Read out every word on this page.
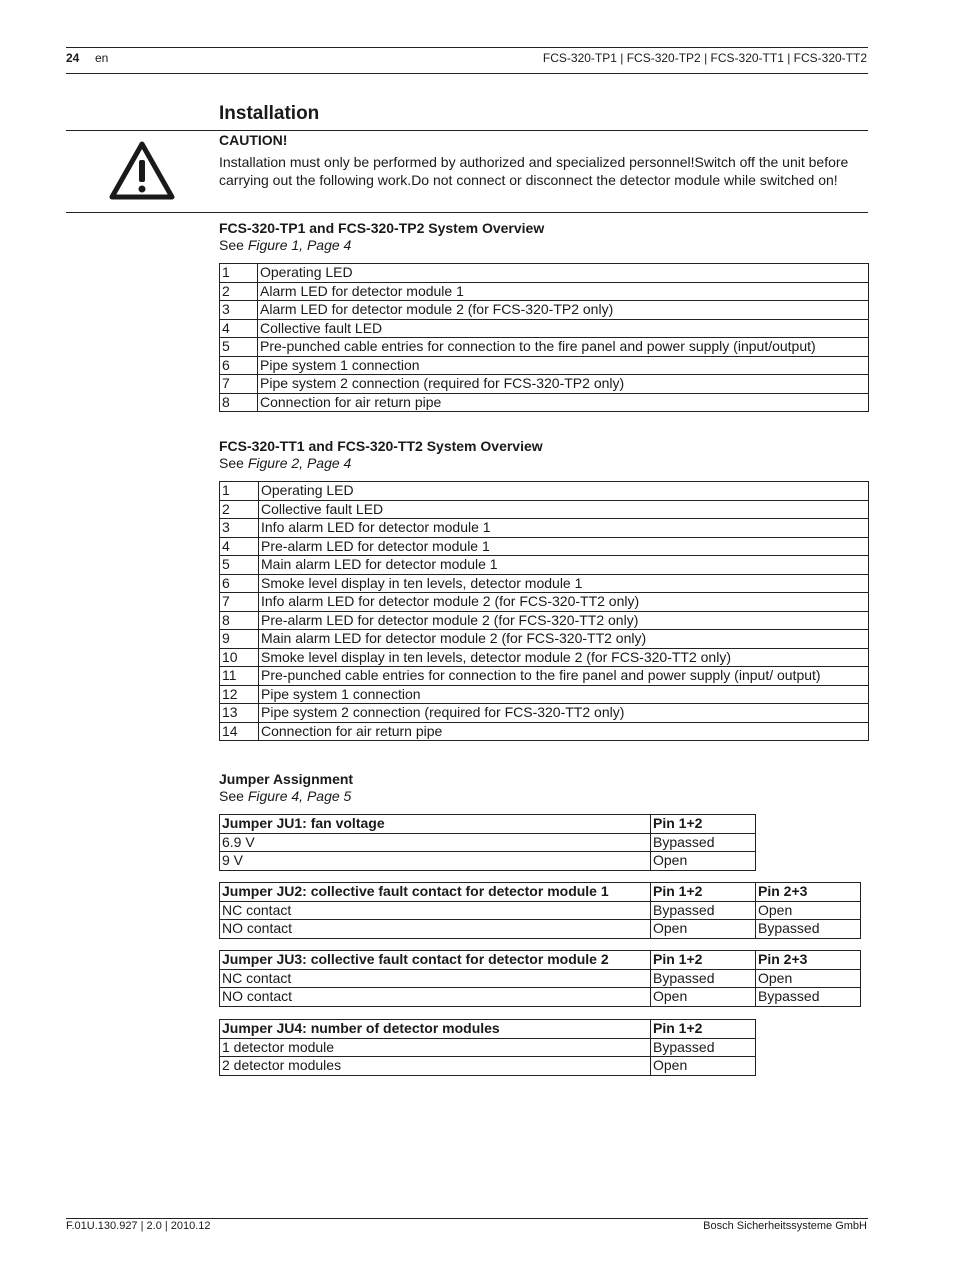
24 en	FCS-320-TP1 | FCS-320-TP2 | FCS-320-TT1 | FCS-320-TT2
Installation
CAUTION!
Installation must only be performed by authorized and specialized personnel!Switch off the unit before carrying out the following work.Do not connect or disconnect the detector module while switched on!
FCS-320-TP1 and FCS-320-TP2 System Overview
See Figure 1, Page 4
1	Operating LED
2	Alarm LED for detector module 1
3	Alarm LED for detector module 2 (for FCS-320-TP2 only)
4	Collective fault LED
5	Pre-punched cable entries for connection to the fire panel and power supply (input/output)
6	Pipe system 1 connection
7	Pipe system 2 connection (required for FCS-320-TP2 only)
8	Connection for air return pipe
FCS-320-TT1 and FCS-320-TT2 System Overview
See Figure 2, Page 4
1	Operating LED
2	Collective fault LED
3	Info alarm LED for detector module 1
4	Pre-alarm LED for detector module 1
5	Main alarm LED for detector module 1
6	Smoke level display in ten levels, detector module 1
7	Info alarm LED for detector module 2 (for FCS-320-TT2 only)
8	Pre-alarm LED for detector module 2 (for FCS-320-TT2 only)
9	Main alarm LED for detector module 2 (for FCS-320-TT2 only)
10	Smoke level display in ten levels, detector module 2 (for FCS-320-TT2 only)
11	Pre-punched cable entries for connection to the fire panel and power supply (input/ output)
12	Pipe system 1 connection
13	Pipe system 2 connection (required for FCS-320-TT2 only)
14	Connection for air return pipe
Jumper Assignment
See Figure 4, Page 5
Jumper JU1: fan voltage	Pin 1+2
6.9 V	Bypassed
9 V	Open
Jumper JU2: collective fault contact for detector module 1	Pin 1+2	Pin 2+3
NC contact	Bypassed	Open
NO contact	Open	Bypassed
Jumper JU3: collective fault contact for detector module 2	Pin 1+2	Pin 2+3
NC contact	Bypassed	Open
NO contact	Open	Bypassed
Jumper JU4: number of detector modules	Pin 1+2
1 detector module	Bypassed
2 detector modules	Open
F.01U.130.927 | 2.0 | 2010.12	Bosch Sicherheitssysteme GmbH
